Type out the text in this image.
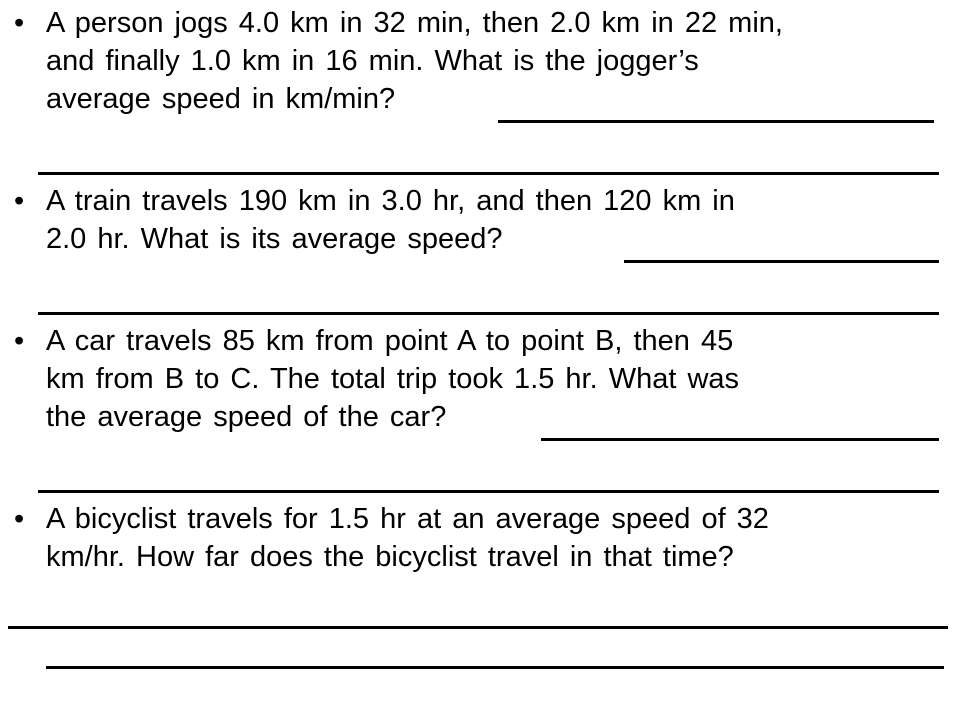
• A person jogs 4.0 km in 32 min, then 2.0 km in 22 min,
and finally 1.0 km in 16 min. What is the jogger’s
average speed in km/min?
• A train travels 190 km in 3.0 hr, and then 120 km in
2.0 hr. What is its average speed?
• A car travels 85 km from point A to point B, then 45
km from B to C. The total trip took 1.5 hr. What was
the average speed of the car?
• A bicyclist travels for 1.5 hr at an average speed of 32
km/hr. How far does the bicyclist travel in that time?
